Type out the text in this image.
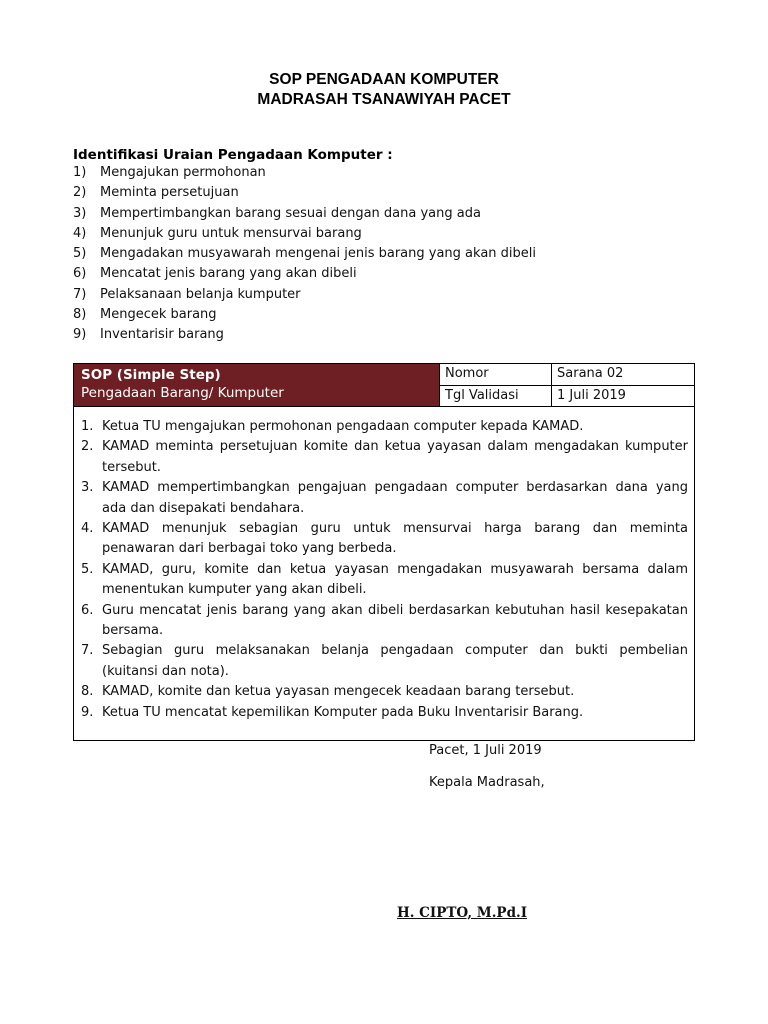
SOP PENGADAAN KOMPUTER
MADRASAH TSANAWIYAH PACET
Identifikasi Uraian Pengadaan Komputer :
1) Mengajukan permohonan
2) Meminta persetujuan
3) Mempertimbangkan barang sesuai dengan dana yang ada
4) Menunjuk guru untuk mensurvai barang
5) Mengadakan musyawarah mengenai jenis barang yang akan dibeli
6) Mencatat jenis barang yang akan dibeli
7) Pelaksanaan belanja kumputer
8) Mengecek barang
9) Inventarisir barang
SOP (Simple Step)
Pengadaan Barang/ Kumputer
Nomor	Sarana 02
Tgl Validasi	1 Juli 2019
1. Ketua TU mengajukan permohonan pengadaan computer kepada KAMAD.
2. KAMAD meminta persetujuan komite dan ketua yayasan dalam mengadakan kumputer tersebut.
3. KAMAD mempertimbangkan pengajuan pengadaan computer berdasarkan dana yang ada dan disepakati bendahara.
4. KAMAD menunjuk sebagian guru untuk mensurvai harga barang dan meminta penawaran dari berbagai toko yang berbeda.
5. KAMAD, guru, komite dan ketua yayasan mengadakan musyawarah bersama dalam menentukan kumputer yang akan dibeli.
6. Guru mencatat jenis barang yang akan dibeli berdasarkan kebutuhan hasil kesepakatan bersama.
7. Sebagian guru melaksanakan belanja pengadaan computer dan bukti pembelian (kuitansi dan nota).
8. KAMAD, komite dan ketua yayasan mengecek keadaan barang tersebut.
9. Ketua TU mencatat kepemilikan Komputer pada Buku Inventarisir Barang.
Pacet, 1 Juli 2019
Kepala Madrasah,
H. CIPTO, M.Pd.I
